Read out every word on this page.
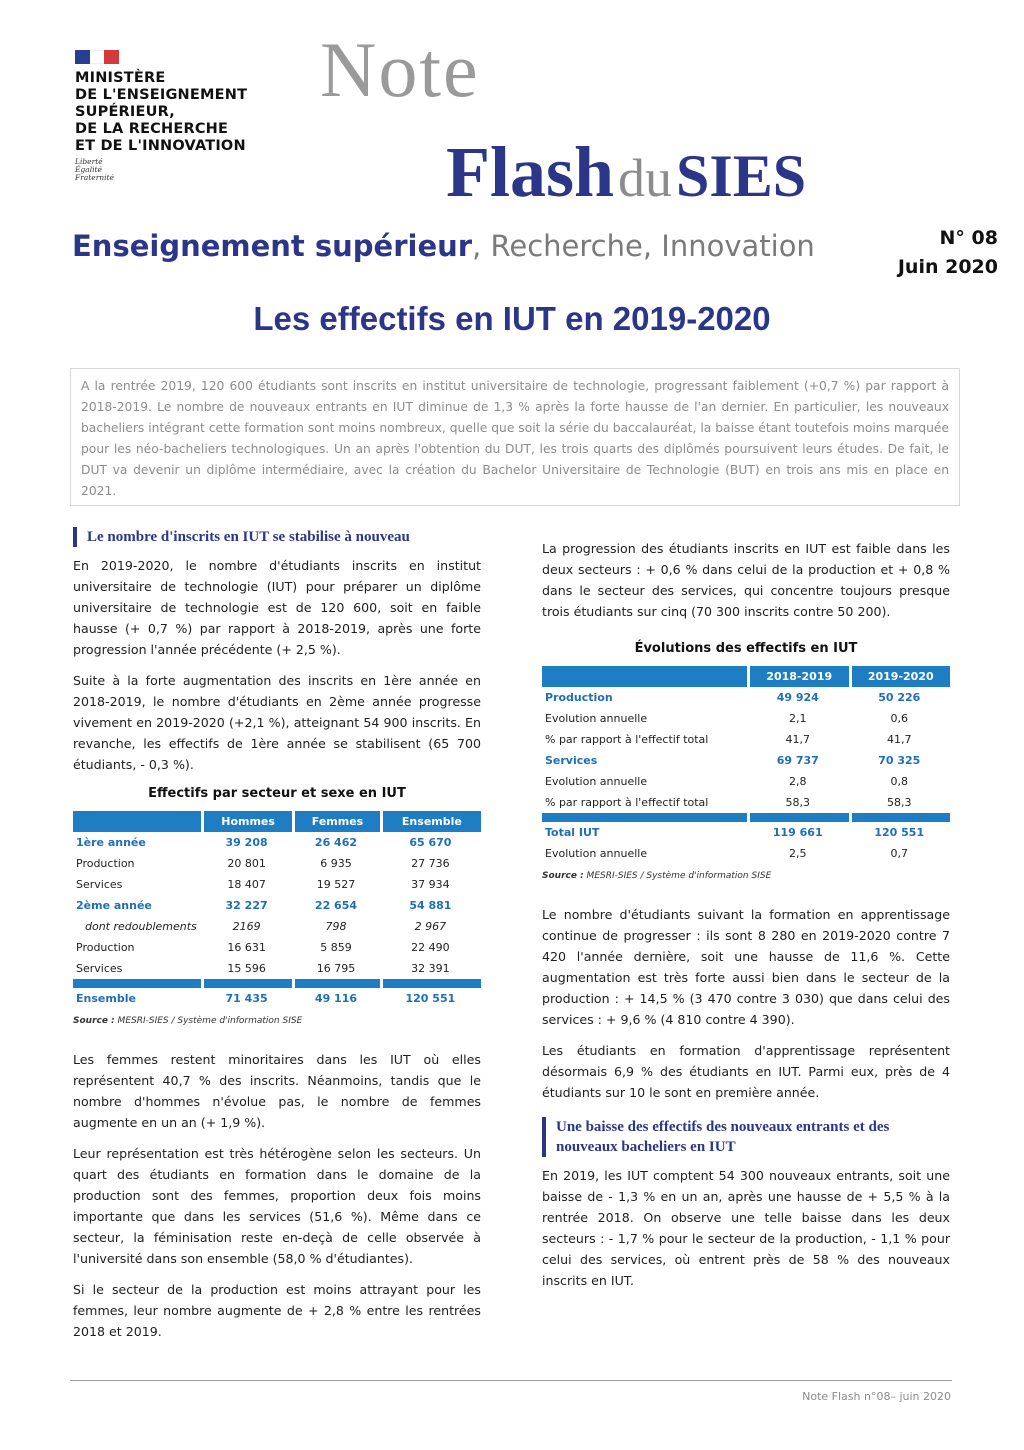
MINISTÈRE
DE L'ENSEIGNEMENT
SUPÉRIEUR,
DE LA RECHERCHE
ET DE L'INNOVATION
Liberté
Égalité
Fraternité
Note
Flash du SIES
Enseignement supérieur, Recherche, Innovation	N° 08
Juin 2020
Les effectifs en IUT en 2019-2020
A la rentrée 2019, 120 600 étudiants sont inscrits en institut universitaire de technologie, progressant faiblement (+0,7 %) par rapport à 2018-2019. Le nombre de nouveaux entrants en IUT diminue de 1,3 % après la forte hausse de l'an dernier. En particulier, les nouveaux bacheliers intégrant cette formation sont moins nombreux, quelle que soit la série du baccalauréat, la baisse étant toutefois moins marquée pour les néo-bacheliers technologiques. Un an après l'obtention du DUT, les trois quarts des diplômés poursuivent leurs études. De fait, le DUT va devenir un diplôme intermédiaire, avec la création du Bachelor Universitaire de Technologie (BUT) en trois ans mis en place en 2021.
Le nombre d'inscrits en IUT se stabilise à nouveau

En 2019-2020, le nombre d'étudiants inscrits en institut universitaire de technologie (IUT) pour préparer un diplôme universitaire de technologie est de 120 600, soit en faible hausse (+ 0,7 %) par rapport à 2018-2019, après une forte progression l'année précédente (+ 2,5 %).

Suite à la forte augmentation des inscrits en 1ère année en 2018-2019, le nombre d'étudiants en 2ème année progresse vivement en 2019-2020 (+2,1 %), atteignant 54 900 inscrits. En revanche, les effectifs de 1ère année se stabilisent (65 700 étudiants, - 0,3 %).

Effectifs par secteur et sexe en IUT
	Hommes	Femmes	Ensemble
1ère année	39 208	26 462	65 670
Production	20 801	6 935	27 736
Services	18 407	19 527	37 934
2ème année	32 227	22 654	54 881
dont redoublements	2169	798	2 967
Production	16 631	5 859	22 490
Services	15 596	16 795	32 391

Ensemble	71 435	49 116	120 551
Source : MESRI-SIES / Système d'information SISE

Les femmes restent minoritaires dans les IUT où elles représentent 40,7 % des inscrits. Néanmoins, tandis que le nombre d'hommes n'évolue pas, le nombre de femmes augmente en un an (+ 1,9 %).

Leur représentation est très hétérogène selon les secteurs. Un quart des étudiants en formation dans le domaine de la production sont des femmes, proportion deux fois moins importante que dans les services (51,6 %). Même dans ce secteur, la féminisation reste en-deçà de celle observée à l'université dans son ensemble (58,0 % d'étudiantes).

Si le secteur de la production est moins attrayant pour les femmes, leur nombre augmente de + 2,8 % entre les rentrées 2018 et 2019.

La progression des étudiants inscrits en IUT est faible dans les deux secteurs : + 0,6 % dans celui de la production et + 0,8 % dans le secteur des services, qui concentre toujours presque trois étudiants sur cinq (70 300 inscrits contre 50 200).

Évolutions des effectifs en IUT
	2018-2019	2019-2020
Production	49 924	50 226
Evolution annuelle	2,1	0,6
% par rapport à l'effectif total	41,7	41,7
Services	69 737	70 325
Evolution annuelle	2,8	0,8
% par rapport à l'effectif total	58,3	58,3

Total IUT	119 661	120 551
Evolution annuelle	2,5	0,7
Source : MESRI-SIES / Système d'information SISE

Le nombre d'étudiants suivant la formation en apprentissage continue de progresser : ils sont 8 280 en 2019-2020 contre 7 420 l'année dernière, soit une hausse de 11,6 %. Cette augmentation est très forte aussi bien dans le secteur de la production : + 14,5 % (3 470 contre 3 030) que dans celui des services : + 9,6 % (4 810 contre 4 390).

Les étudiants en formation d'apprentissage représentent désormais 6,9 % des étudiants en IUT. Parmi eux, près de 4 étudiants sur 10 le sont en première année.

Une baisse des effectifs des nouveaux entrants et des nouveaux bacheliers en IUT

En 2019, les IUT comptent 54 300 nouveaux entrants, soit une baisse de - 1,3 % en un an, après une hausse de + 5,5 % à la rentrée 2018. On observe une telle baisse dans les deux secteurs : - 1,7 % pour le secteur de la production, - 1,1 % pour celui des services, où entrent près de 58 % des nouveaux inscrits en IUT.

Note Flash n°08– juin 2020
